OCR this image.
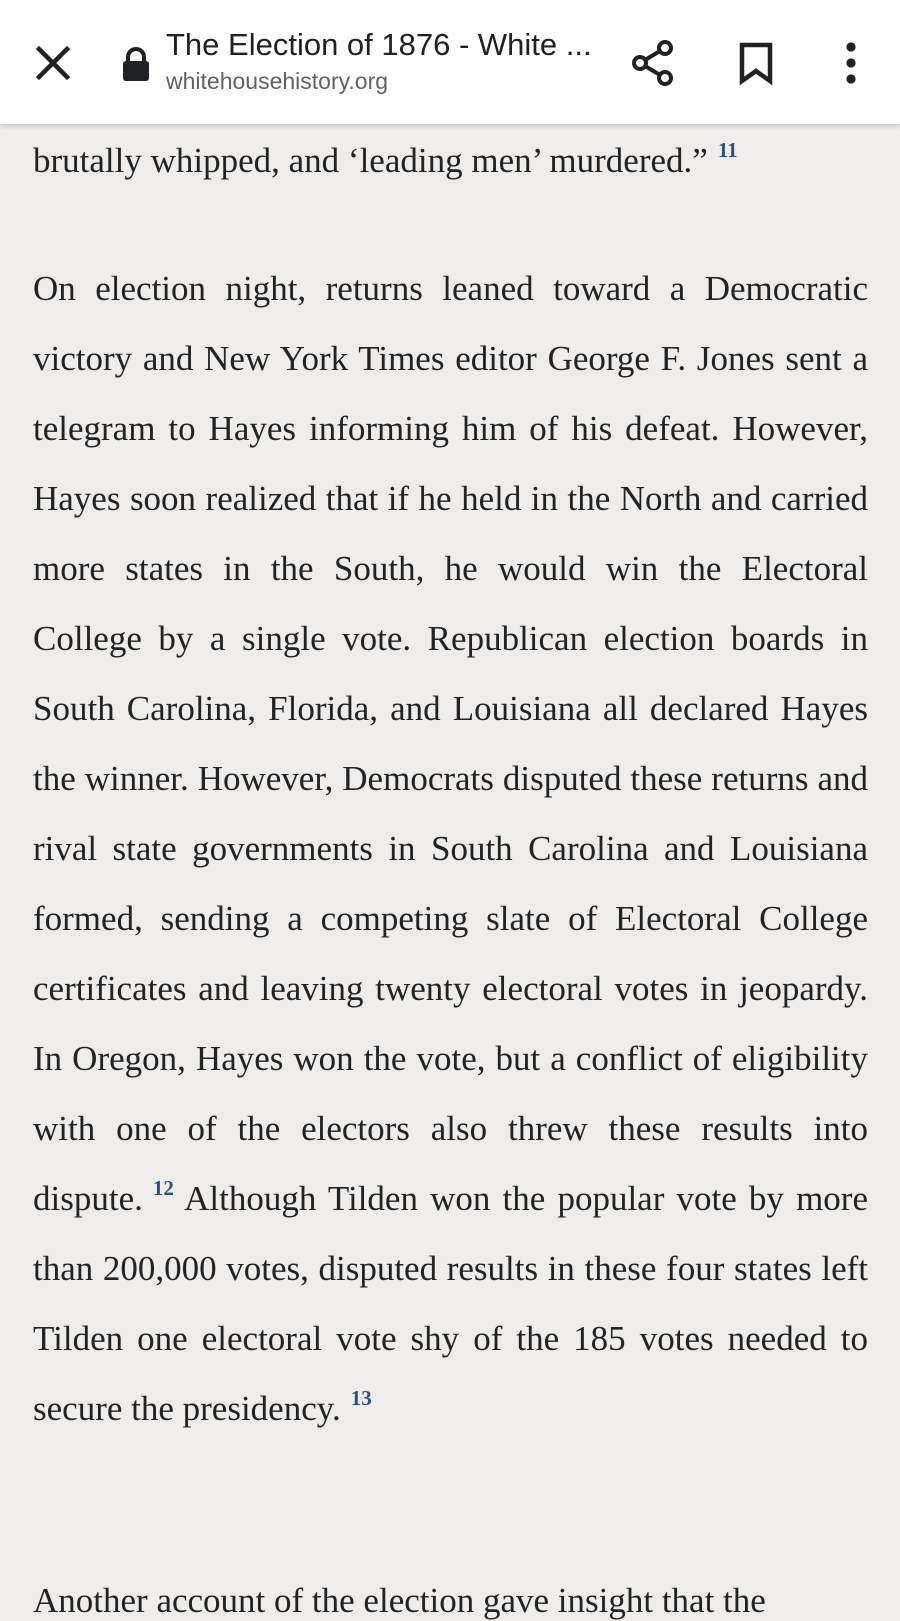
The Election of 1876 - White ...
whitehousehistory.org

brutally whipped, and ‘leading men’ murdered.” $^{11}$

On election night, returns leaned toward a Democratic victory and New York Times editor George F. Jones sent a telegram to Hayes informing him of his defeat. However, Hayes soon realized that if he held in the North and carried more states in the South, he would win the Electoral College by a single vote. Republican election boards in South Carolina, Florida, and Louisiana all declared Hayes the winner. However, Democrats disputed these returns and rival state governments in South Carolina and Louisiana formed, sending a competing slate of Electoral College certificates and leaving twenty electoral votes in jeopardy. In Oregon, Hayes won the vote, but a conflict of eligibility with one of the electors also threw these results into dispute. $^{12}$ Although Tilden won the popular vote by more than 200,000 votes, disputed results in these four states left Tilden one electoral vote shy of the 185 votes needed to secure the presidency. $^{13}$

Another account of the election gave insight that the
